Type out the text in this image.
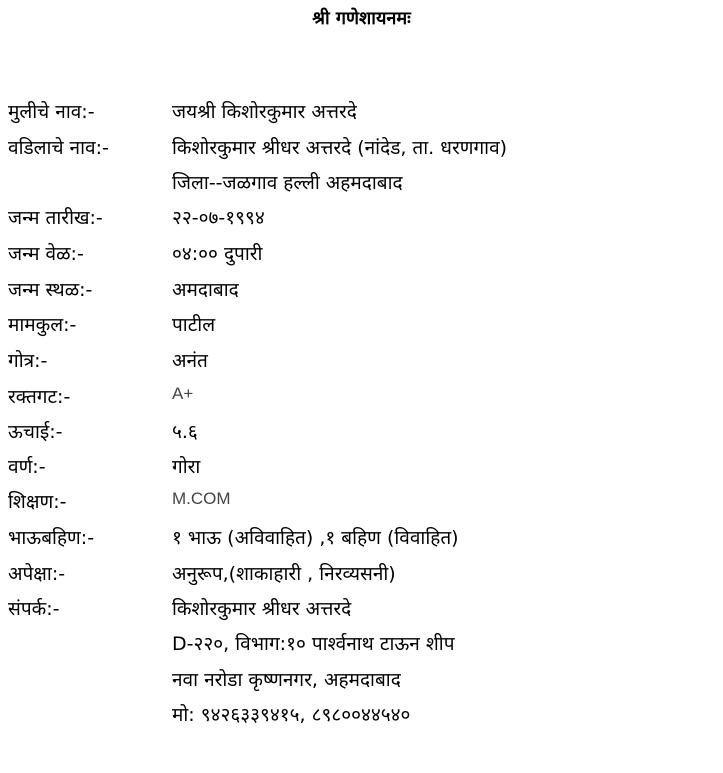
श्री गणेशायनमः
मुलीचे नाव:-	जयश्री किशोरकुमार अत्तरदे
वडिलाचे नाव:-	किशोरकुमार श्रीधर अत्तरदे (नांदेड, ता. धरणगाव)
जिला--जळगाव हल्ली अहमदाबाद
जन्म तारीख:-	२२-०७-१९९४
जन्म वेळ:-	०४:०० दुपारी
जन्म स्थळ:-	अमदाबाद
मामकुल:-	पाटील
गोत्र:-	अनंत
रक्तगट:-	A+
ऊचाई:-	५.६
वर्ण:-	गोरा
शिक्षण:-	M.COM
भाऊबहिण:-	१ भाऊ (अविवाहित) ,१ बहिण (विवाहित)
अपेक्षा:-	अनुरूप,(शाकाहारी , निरव्यसनी)
संपर्क:-	किशोरकुमार श्रीधर अत्तरदे
D-२२०, विभाग:१० पार्श्वनाथ टाऊन शीप
नवा नरोडा कृष्णनगर, अहमदाबाद
मो: ९४२६३३९४१५, ८९८००४४५४०
